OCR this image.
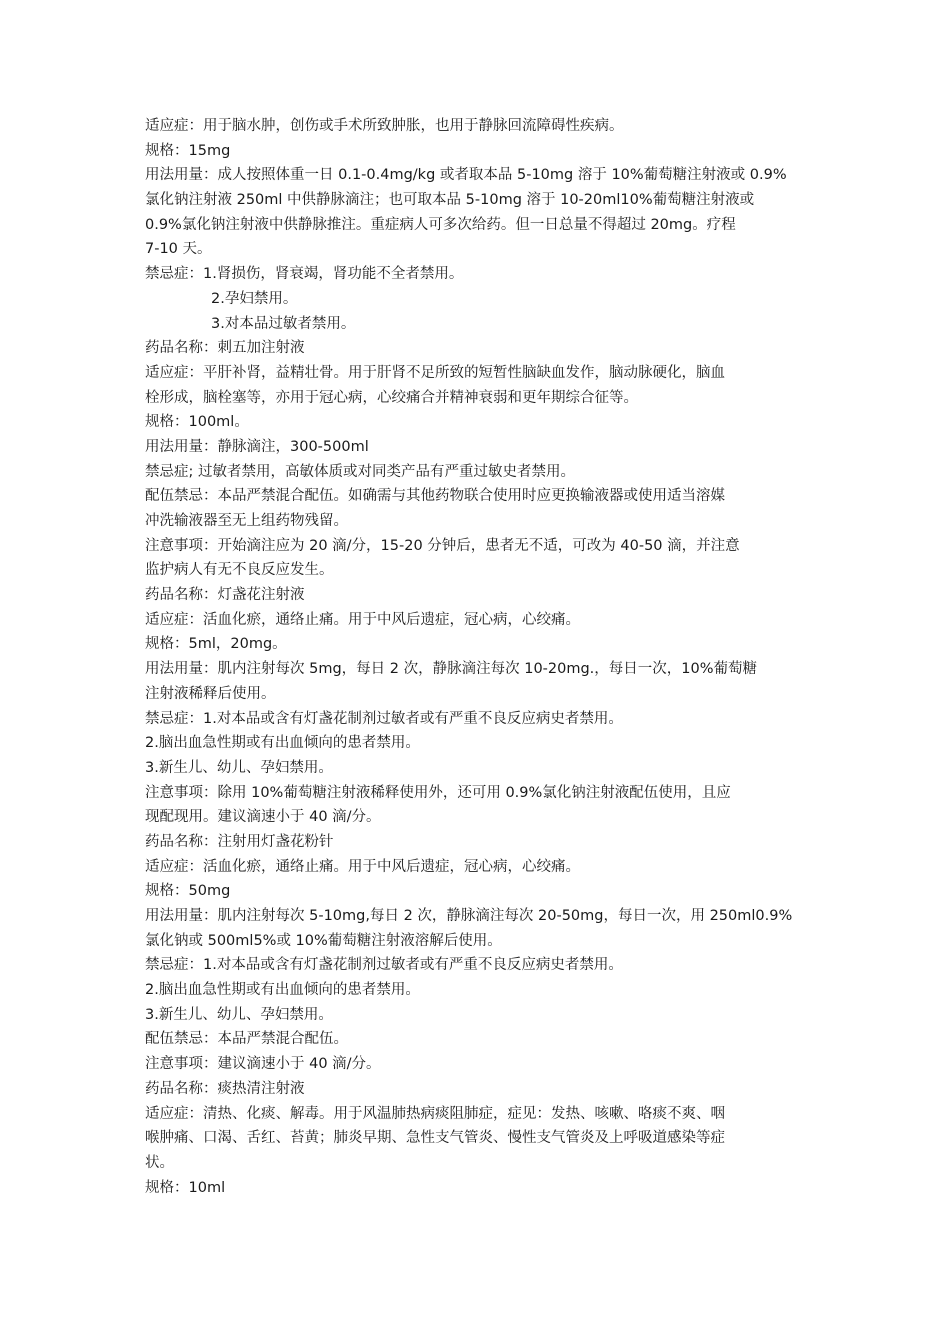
适应症：用于脑水肿，创伤或手术所致肿胀，也用于静脉回流障碍性疾病。
规格：15mg
用法用量：成人按照体重一日 0.1-0.4mg/kg 或者取本品 5-10mg 溶于 10%葡萄糖注射液或 0.9%
氯化钠注射液 250ml 中供静脉滴注；也可取本品 5-10mg 溶于 10-20ml10%葡萄糖注射液或
0.9%氯化钠注射液中供静脉推注。重症病人可多次给药。但一日总量不得超过 20mg。疗程
7-10 天。
禁忌症：1.肾损伤，肾衰竭，肾功能不全者禁用。
2.孕妇禁用。
3.对本品过敏者禁用。
药品名称：刺五加注射液
适应症：平肝补肾，益精壮骨。用于肝肾不足所致的短暂性脑缺血发作，脑动脉硬化，脑血
栓形成，脑栓塞等，亦用于冠心病，心绞痛合并精神衰弱和更年期综合征等。
规格：100ml。
用法用量：静脉滴注，300-500ml
禁忌症; 过敏者禁用，高敏体质或对同类产品有严重过敏史者禁用。
配伍禁忌：本品严禁混合配伍。如确需与其他药物联合使用时应更换输液器或使用适当溶媒
冲洗输液器至无上组药物残留。
注意事项：开始滴注应为 20 滴/分，15-20 分钟后，患者无不适，可改为 40-50 滴，并注意
监护病人有无不良反应发生。
药品名称：灯盏花注射液
适应症：活血化瘀，通络止痛。用于中风后遗症，冠心病，心绞痛。
规格：5ml，20mg。
用法用量：肌内注射每次 5mg，每日 2 次，静脉滴注每次 10-20mg.，每日一次，10%葡萄糖
注射液稀释后使用。
禁忌症：1.对本品或含有灯盏花制剂过敏者或有严重不良反应病史者禁用。
2.脑出血急性期或有出血倾向的患者禁用。
3.新生儿、幼儿、孕妇禁用。
注意事项：除用 10%葡萄糖注射液稀释使用外，还可用 0.9%氯化钠注射液配伍使用，且应
现配现用。建议滴速小于 40 滴/分。
药品名称：注射用灯盏花粉针
适应症：活血化瘀，通络止痛。用于中风后遗症，冠心病，心绞痛。
规格：50mg
用法用量：肌内注射每次 5-10mg,每日 2 次，静脉滴注每次 20-50mg，每日一次，用 250ml0.9%
氯化钠或 500ml5%或 10%葡萄糖注射液溶解后使用。
禁忌症：1.对本品或含有灯盏花制剂过敏者或有严重不良反应病史者禁用。
2.脑出血急性期或有出血倾向的患者禁用。
3.新生儿、幼儿、孕妇禁用。
配伍禁忌：本品严禁混合配伍。
注意事项：建议滴速小于 40 滴/分。
药品名称：痰热清注射液
适应症：清热、化痰、解毒。用于风温肺热病痰阻肺症，症见：发热、咳嗽、咯痰不爽、咽
喉肿痛、口渴、舌红、苔黄；肺炎早期、急性支气管炎、慢性支气管炎及上呼吸道感染等症
状。
规格：10ml
